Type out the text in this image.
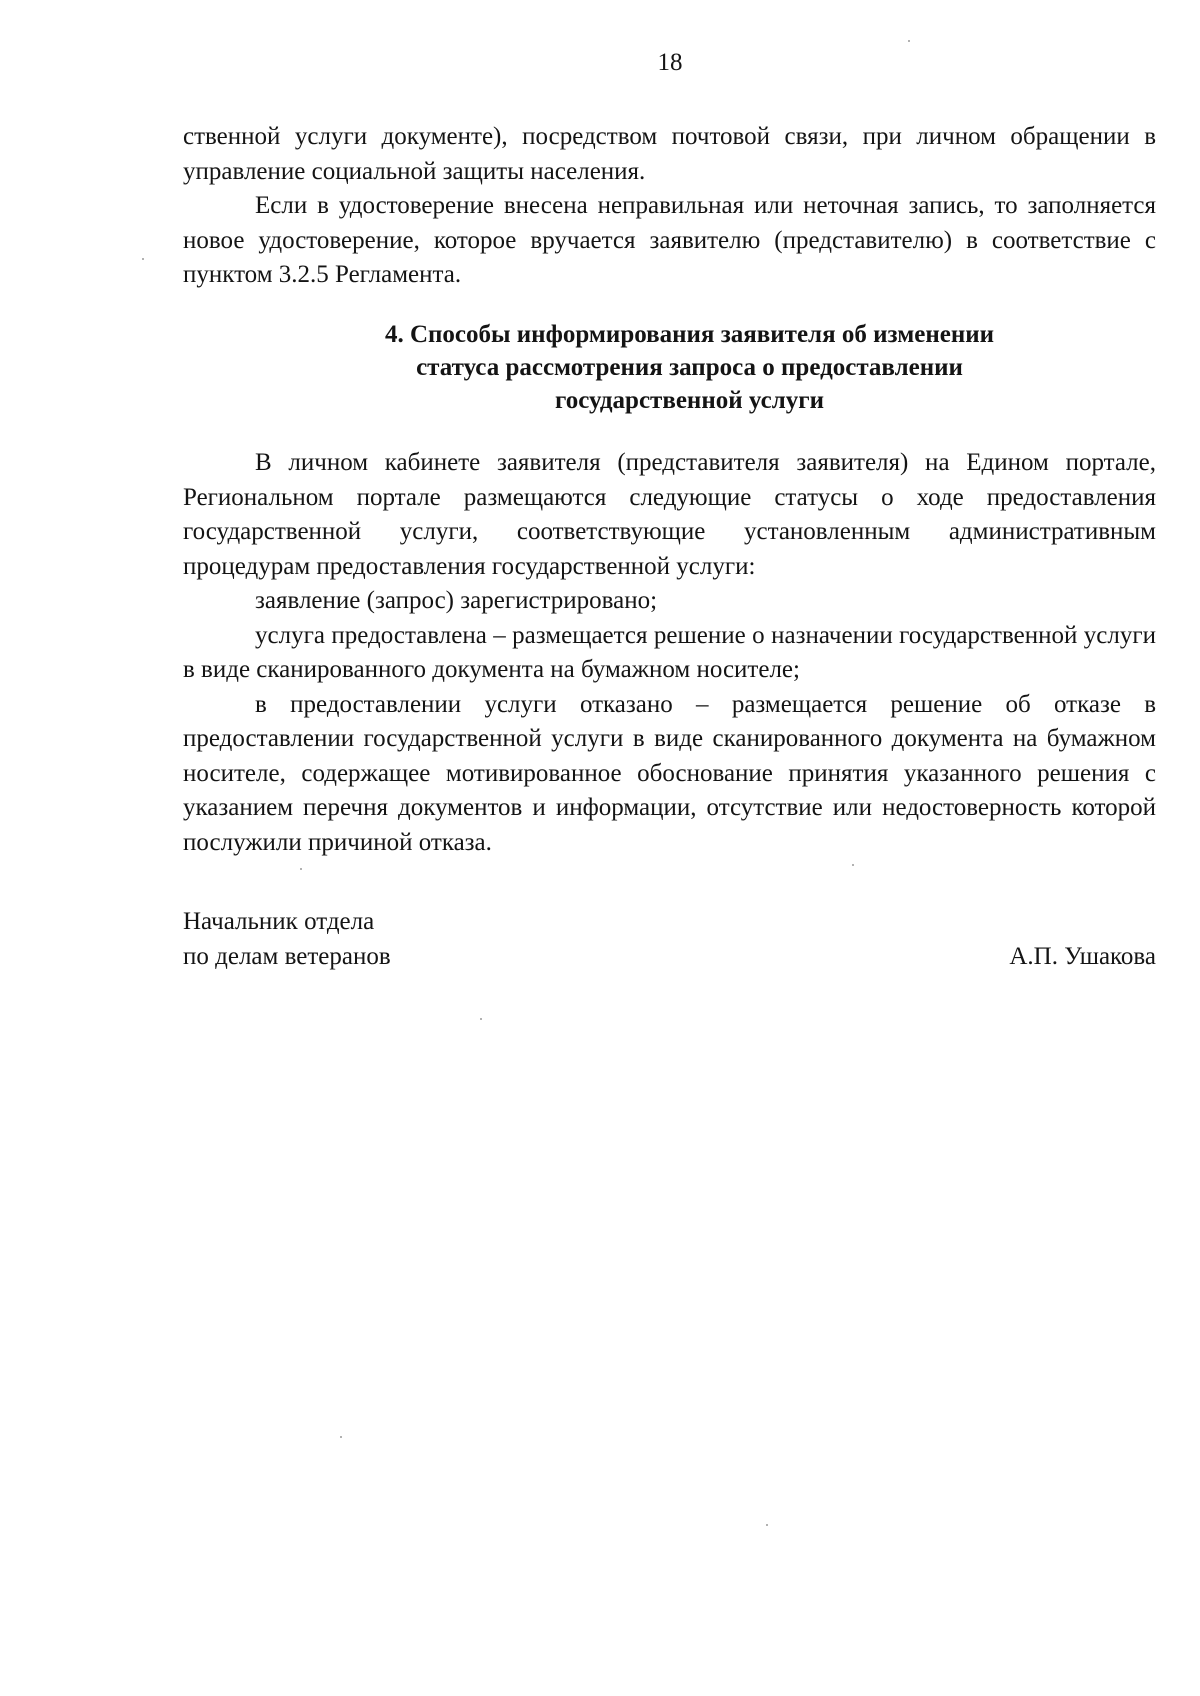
18

ственной услуги документе), посредством почтовой связи, при личном обращении в управление социальной защиты населения.

Если в удостоверение внесена неправильная или неточная запись, то заполняется новое удостоверение, которое вручается заявителю (представителю) в соответствие с пунктом 3.2.5 Регламента.

4. Способы информирования заявителя об изменении
статуса рассмотрения запроса о предоставлении
государственной услуги

В личном кабинете заявителя (представителя заявителя) на Едином портале, Региональном портале размещаются следующие статусы о ходе предоставления государственной услуги, соответствующие установленным административным процедурам предоставления государственной услуги:

заявление (запрос) зарегистрировано;

услуга предоставлена – размещается решение о назначении государственной услуги в виде сканированного документа на бумажном носителе;

в предоставлении услуги отказано – размещается решение об отказе в предоставлении государственной услуги в виде сканированного документа на бумажном носителе, содержащее мотивированное обоснование принятия указанного решения с указанием перечня документов и информации, отсутствие или недостоверность которой послужили причиной отказа.

Начальник отдела
по делам ветеранов	А.П. Ушакова
